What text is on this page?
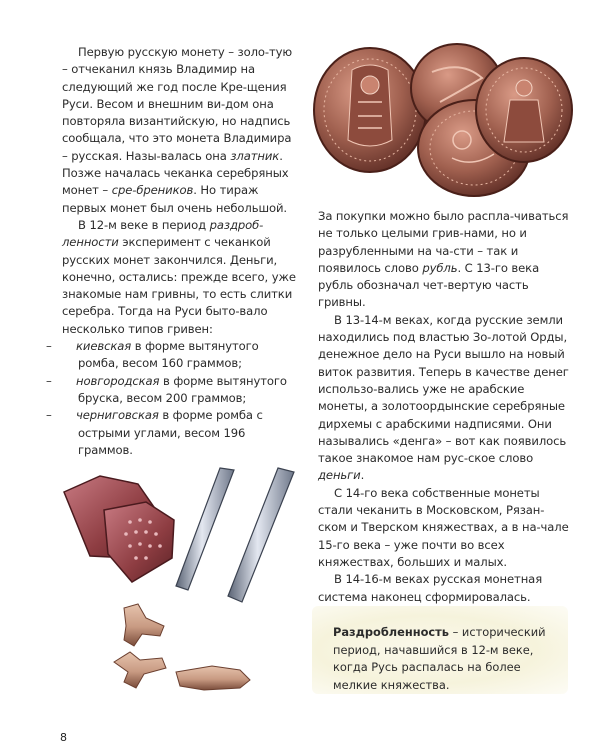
Первую русскую монету – золо-тую – отчеканил князь Владимир на следующий же год после Кре-щения Руси. Весом и внешним ви-дом она повторяла византийскую, но надпись сообщала, что это монета Владимира – русская. Назы-валась она златник. Позже началась чеканка серебряных монет – сре-бреников. Но тираж первых монет был очень небольшой.

В 12-м веке в период раздроб-ленности эксперимент с чеканкой русских монет закончился. Деньги, конечно, остались: прежде всего, уже знакомые нам гривны, то есть слитки серебра. Тогда на Руси быто-вало несколько типов гривен:

– киевская в форме вытянутого ромба, весом 160 граммов;

– новгородская в форме вытянутого бруска, весом 200 граммов;

– черниговская в форме ромба с острыми углами, весом 196 граммов.

За покупки можно было распла-чиваться не только целыми грив-нами, но и разрубленными на ча-сти – так и появилось слово рубль. С 13-го века рубль обозначал чет-вертую часть гривны.

В 13-14-м веках, когда русские земли находились под властью Зо-лотой Орды, денежное дело на Руси вышло на новый виток развития. Теперь в качестве денег использо-вались уже не арабские монеты, а золотоордынские серебряные дирхемы с арабскими надписями. Они назывались «денга» – вот как появилось такое знакомое нам рус-ское слово деньги.

С 14-го века собственные монеты стали чеканить в Московском, Рязан-ском и Тверском княжествах, а в на-чале 15-го века – уже почти во всех княжествах, больших и малых.

В 14-16-м веках русская монетная система наконец сформировалась.

Раздробленность – исторический период, начавшийся в 12-м веке, когда Русь распалась на более мелкие княжества.
8
